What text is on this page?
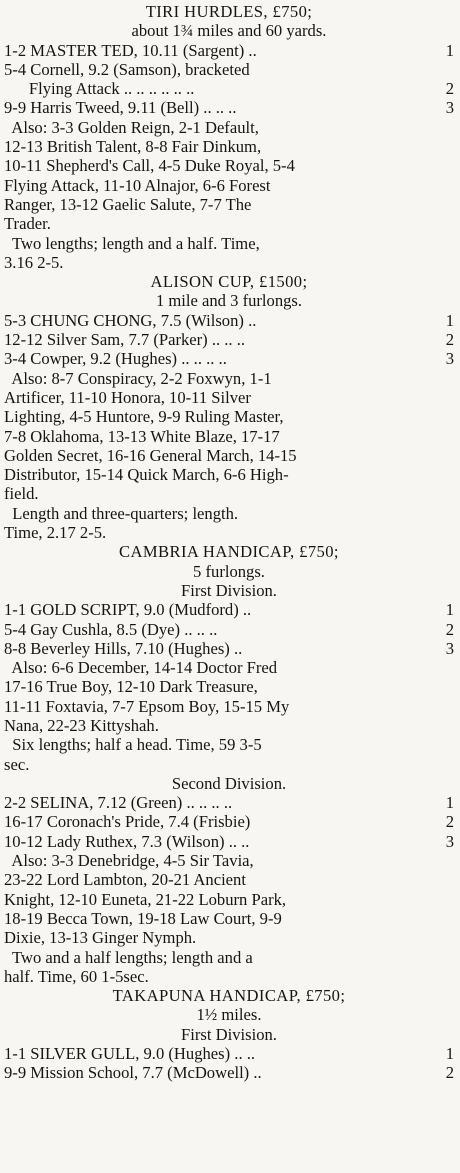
TIRI HURDLES, £750;
about 1¾ miles and 60 yards.
1-2 MASTER TED, 10.11 (Sargent) ..	1
5-4 Cornell, 9.2 (Samson), bracketed
Flying Attack .. .. .. .. .. ..	2
9-9 Harris Tweed, 9.11 (Bell) .. .. ..	3
Also: 3-3 Golden Reign, 2-1 Default,
12-13 British Talent, 8-8 Fair Dinkum,
10-11 Shepherd's Call, 4-5 Duke Royal, 5-4
Flying Attack, 11-10 Alnajor, 6-6 Forest
Ranger, 13-12 Gaelic Salute, 7-7 The
Trader.
Two lengths; length and a half. Time,
3.16 2-5.
ALISON CUP, £1500;
1 mile and 3 furlongs.
5-3 CHUNG CHONG, 7.5 (Wilson) ..	1
12-12 Silver Sam, 7.7 (Parker) .. .. ..	2
3-4 Cowper, 9.2 (Hughes) .. .. .. ..	3
Also: 8-7 Conspiracy, 2-2 Foxwyn, 1-1
Artificer, 11-10 Honora, 10-11 Silver
Lighting, 4-5 Huntore, 9-9 Ruling Master,
7-8 Oklahoma, 13-13 White Blaze, 17-17
Golden Secret, 16-16 General March, 14-15
Distributor, 15-14 Quick March, 6-6 High-
field.
Length and three-quarters; length.
Time, 2.17 2-5.
CAMBRIA HANDICAP, £750;
5 furlongs.
First Division.
1-1 GOLD SCRIPT, 9.0 (Mudford) ..	1
5-4 Gay Cushla, 8.5 (Dye) .. .. ..	2
8-8 Beverley Hills, 7.10 (Hughes) ..	3
Also: 6-6 December, 14-14 Doctor Fred
17-16 True Boy, 12-10 Dark Treasure,
11-11 Foxtavia, 7-7 Epsom Boy, 15-15 My
Nana, 22-23 Kittyshah.
Six lengths; half a head. Time, 59 3-5
sec.
Second Division.
2-2 SELINA, 7.12 (Green) .. .. .. ..	1
16-17 Coronach's Pride, 7.4 (Frisbie)	2
10-12 Lady Ruthex, 7.3 (Wilson) .. ..	3
Also: 3-3 Denebridge, 4-5 Sir Tavia,
23-22 Lord Lambton, 20-21 Ancient
Knight, 12-10 Euneta, 21-22 Loburn Park,
18-19 Becca Town, 19-18 Law Court, 9-9
Dixie, 13-13 Ginger Nymph.
Two and a half lengths; length and a
half. Time, 60 1-5sec.
TAKAPUNA HANDICAP, £750;
1½ miles.
First Division.
1-1 SILVER GULL, 9.0 (Hughes) .. ..	1
9-9 Mission School, 7.7 (McDowell) ..	2
